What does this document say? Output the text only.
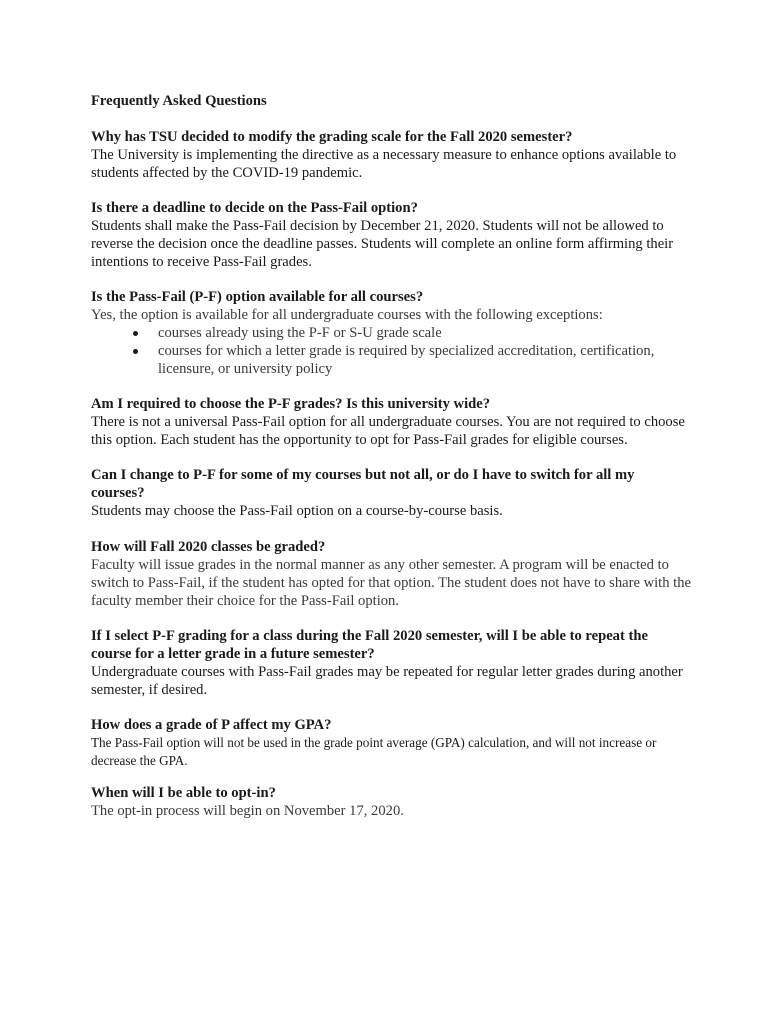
Frequently Asked Questions

Why has TSU decided to modify the grading scale for the Fall 2020 semester?

The University is implementing the directive as a necessary measure to enhance options available to students affected by the COVID-19 pandemic.

Is there a deadline to decide on the Pass-Fail option?

Students shall make the Pass-Fail decision by December 21, 2020. Students will not be allowed to reverse the decision once the deadline passes. Students will complete an online form affirming their intentions to receive Pass-Fail grades.

Is the Pass-Fail (P-F) option available for all courses?

Yes, the option is available for all undergraduate courses with the following exceptions:

courses already using the P-F or S-U grade scale
courses for which a letter grade is required by specialized accreditation, certification, licensure, or university policy

Am I required to choose the P-F grades? Is this university wide?

There is not a universal Pass-Fail option for all undergraduate courses. You are not required to choose this option. Each student has the opportunity to opt for Pass-Fail grades for eligible courses.

Can I change to P-F for some of my courses but not all, or do I have to switch for all my courses?

Students may choose the Pass-Fail option on a course-by-course basis.

How will Fall 2020 classes be graded?

Faculty will issue grades in the normal manner as any other semester. A program will be enacted to switch to Pass-Fail, if the student has opted for that option. The student does not have to share with the faculty member their choice for the Pass-Fail option.

If I select P-F grading for a class during the Fall 2020 semester, will I be able to repeat the course for a letter grade in a future semester?

Undergraduate courses with Pass-Fail grades may be repeated for regular letter grades during another semester, if desired.

How does a grade of P affect my GPA?

The Pass-Fail option will not be used in the grade point average (GPA) calculation, and will not increase or decrease the GPA.

When will I be able to opt-in?

The opt-in process will begin on November 17, 2020.
